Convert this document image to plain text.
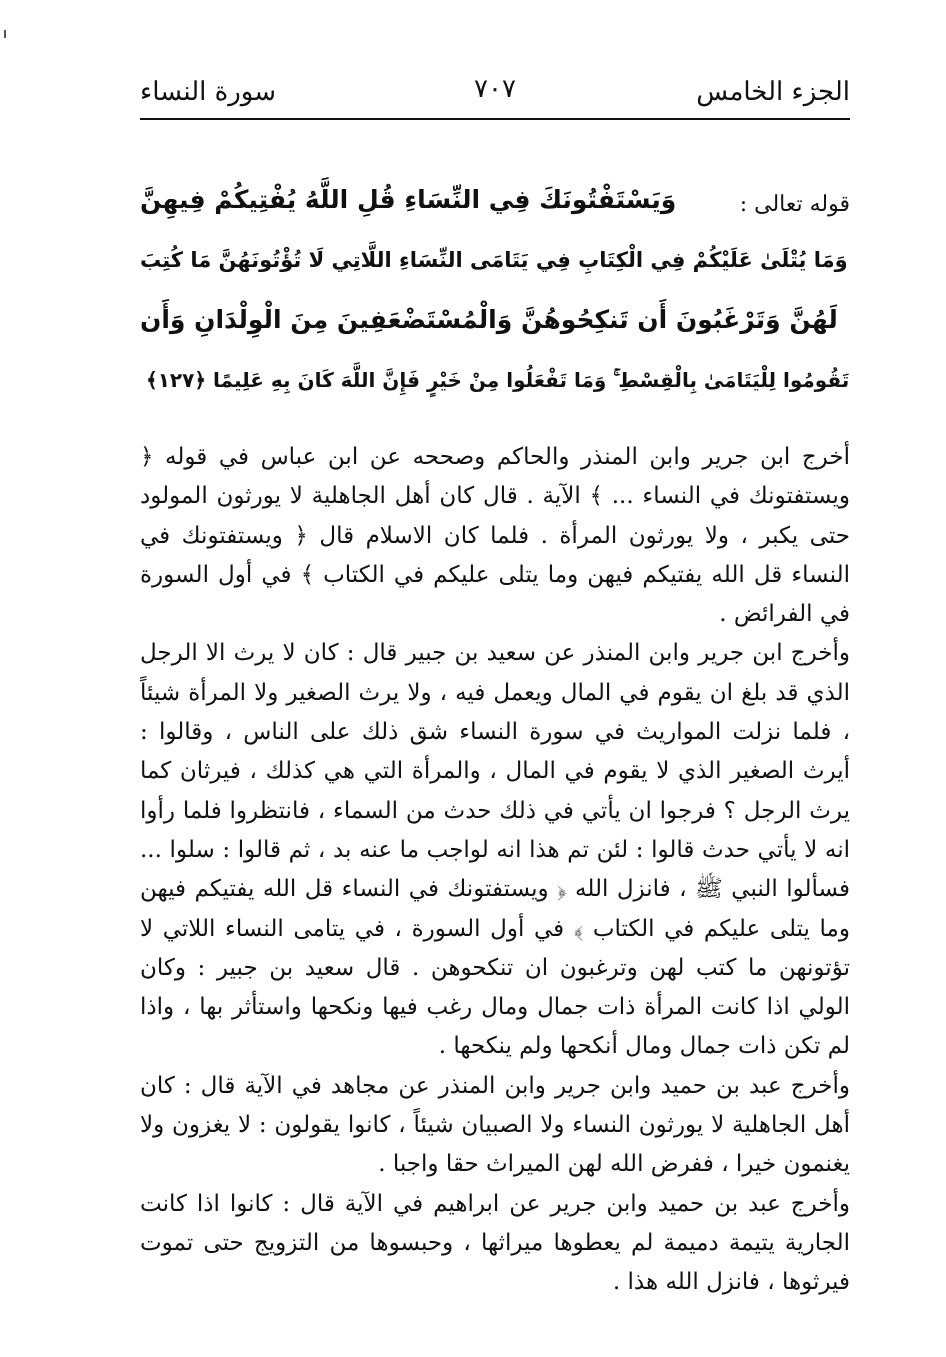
الجزء الخامس
سورة النساء	٧٠٧
قوله تعالى :
وَيَسْتَفْتُونَكَ فِي النِّسَاءِ قُلِ اللَّهُ يُفْتِيكُمْ فِيهِنَّ
وَمَا يُتْلَىٰ عَلَيْكُمْ فِي الْكِتَابِ فِي يَتَامَى النِّسَاءِ اللَّاتِي لَا تُؤْتُونَهُنَّ مَا كُتِبَ
لَهُنَّ وَتَرْغَبُونَ أَن تَنكِحُوهُنَّ وَالْمُسْتَضْعَفِينَ مِنَ الْوِلْدَانِ وَأَن
تَقُومُوا لِلْيَتَامَىٰ بِالْقِسْطِ ۚ وَمَا تَفْعَلُوا مِنْ خَيْرٍ فَإِنَّ اللَّهَ كَانَ بِهِ عَلِيمًا ﴿١٢٧﴾

أخرج ابن جرير وابن المنذر والحاكم وصححه عن ابن عباس في قوله ﴿ ويستفتونك في النساء ... ﴾ الآية . قال كان أهل الجاهلية لا يورثون المولود حتى يكبر ، ولا يورثون المرأة . فلما كان الاسلام قال ﴿ ويستفتونك في النساء قل الله يفتيكم فيهن وما يتلى عليكم في الكتاب ﴾ في أول السورة في الفرائض .

وأخرج ابن جرير وابن المنذر عن سعيد بن جبير قال : كان لا يرث الا الرجل الذي قد بلغ ان يقوم في المال ويعمل فيه ، ولا يرث الصغير ولا المرأة شيئاً ، فلما نزلت المواريث في سورة النساء شق ذلك على الناس ، وقالوا : أيرث الصغير الذي لا يقوم في المال ، والمرأة التي هي كذلك ، فيرثان كما يرث الرجل ؟ فرجوا ان يأتي في ذلك حدث من السماء ، فانتظروا فلما رأوا انه لا يأتي حدث قالوا : لئن تم هذا انه لواجب ما عنه بد ، ثم قالوا : سلوا ... فسألوا النبي ﷺ ، فانزل الله ﴿ ويستفتونك في النساء قل الله يفتيكم فيهن وما يتلى عليكم في الكتاب ﴾ في أول السورة ، في يتامى النساء اللاتي لا تؤتونهن ما كتب لهن وترغبون ان تنكحوهن . قال سعيد بن جبير : وكان الولي اذا كانت المرأة ذات جمال ومال رغب فيها ونكحها واستأثر بها ، واذا لم تكن ذات جمال ومال أنكحها ولم ينكحها .

وأخرج عبد بن حميد وابن جرير وابن المنذر عن مجاهد في الآية قال : كان أهل الجاهلية لا يورثون النساء ولا الصبيان شيئاً ، كانوا يقولون : لا يغزون ولا يغنمون خيرا ، ففرض الله لهن الميراث حقا واجبا .

وأخرج عبد بن حميد وابن جرير عن ابراهيم في الآية قال : كانوا اذا كانت الجارية يتيمة دميمة لم يعطوها ميراثها ، وحبسوها من التزويج حتى تموت فيرثوها ، فانزل الله هذا .
